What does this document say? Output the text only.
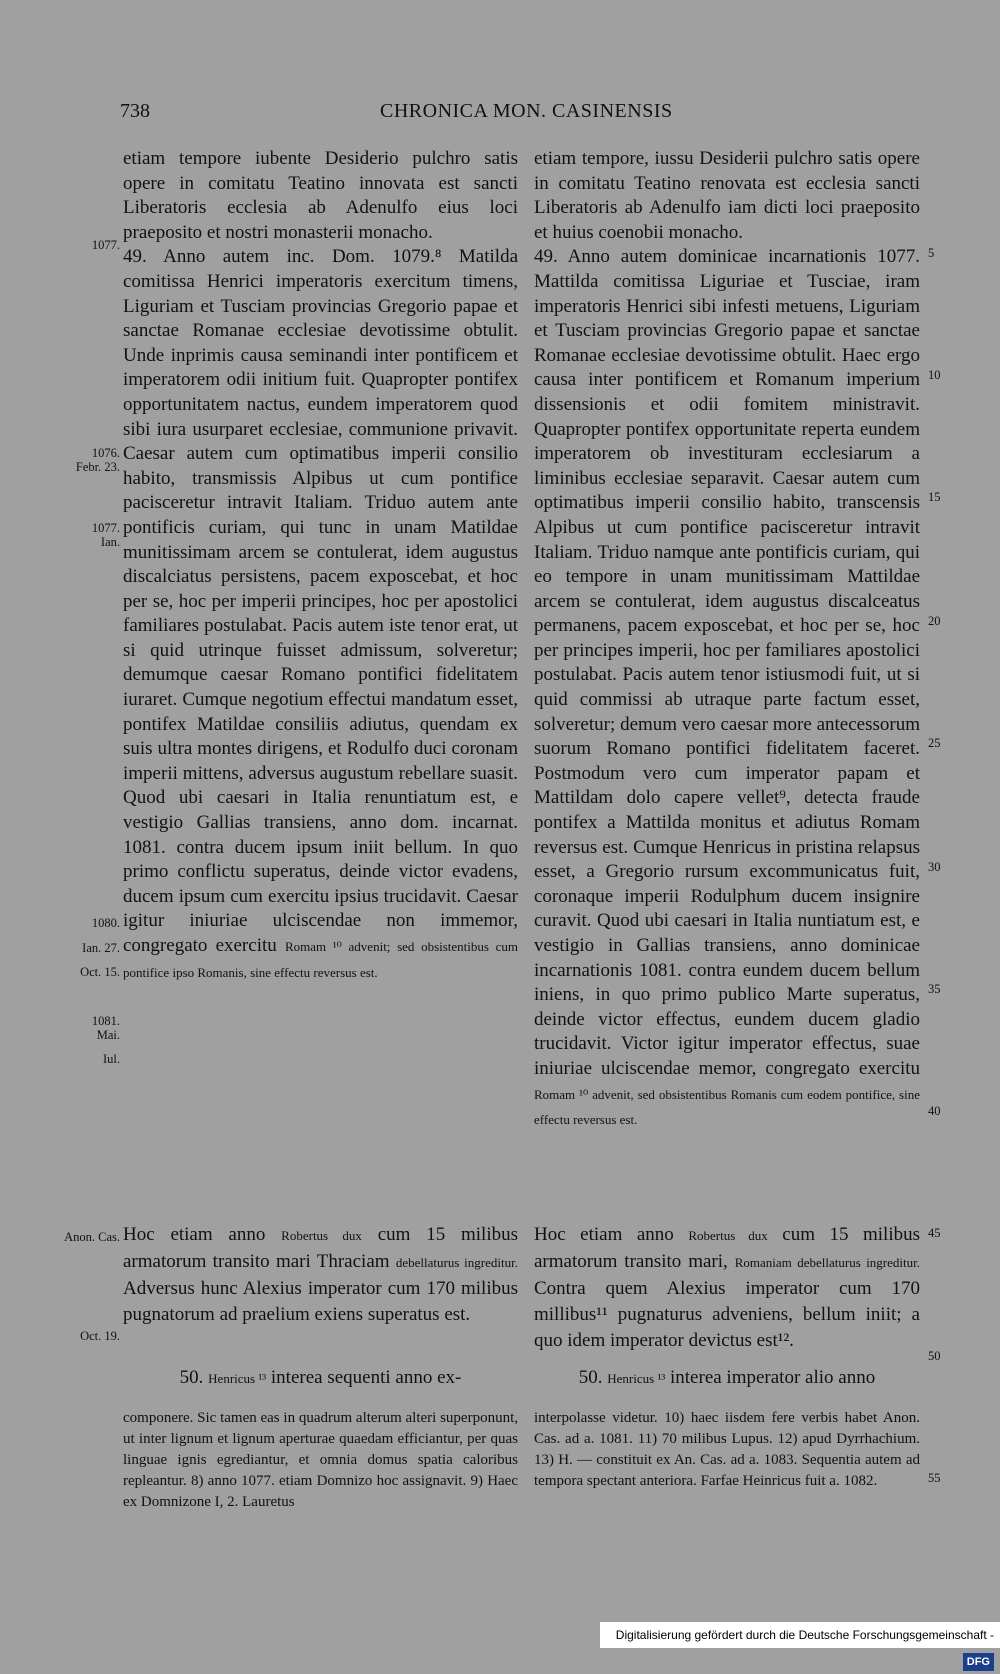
738	CHRONICA MON. CASINENSIS

etiam tempore iubente Desiderio pulchro satis opere in comitatu Teatino innovata est sancti Liberatoris ecclesia ab Adenulfo eius loci praeposito et nostri monasterii monacho.

49. Anno autem inc. Dom. 1079.⁸ Matilda comitissa Henrici imperatoris exercitum timens, Liguriam et Tusciam provincias Gregorio papae et sanctae Romanae ecclesiae devotissime obtulit. Unde inprimis causa seminandi inter pontificem et imperatorem odii initium fuit. Quapropter pontifex opportunitatem nactus, eundem imperatorem quod sibi iura usurparet ecclesiae, communione privavit. Caesar autem cum optimatibus imperii consilio habito, transmissis Alpibus ut cum pontifice pacisceretur intravit Italiam. Triduo autem ante pontificis curiam, qui tunc in unam Matildae munitissimam arcem se contulerat, idem augustus discalciatus persistens, pacem exposcebat, et hoc per se, hoc per imperii principes, hoc per apostolici familiares postulabat. Pacis autem iste tenor erat, ut si quid utrinque fuisset admissum, solveretur; demumque caesar Romano pontifici fidelitatem iuraret. Cumque negotium effectui mandatum esset, pontifex Matildae consiliis adiutus, quendam ex suis ultra montes dirigens, et Rodulfo duci coronam imperii mittens, adversus augustum rebellare suasit. Quod ubi caesari in Italia renuntiatum est, e vestigio Gallias transiens, anno dom. incarnat. 1081. contra ducem ipsum iniit bellum. In quo primo conflictu superatus, deinde victor evadens, ducem ipsum cum exercitu ipsius trucidavit. Caesar igitur iniuriae ulciscendae non immemor, congregato exercitu Romam ¹⁰ advenit; sed obsistentibus cum pontifice ipso Romanis, sine effectu reversus est.

etiam tempore, iussu Desiderii pulchro satis opere in comitatu Teatino renovata est ecclesia sancti Liberatoris ab Adenulfo iam dicti loci praeposito et huius coenobii monacho.

49. Anno autem dominicae incarnationis 1077. Mattilda comitissa Liguriae et Tusciae, iram imperatoris Henrici sibi infesti metuens, Liguriam et Tusciam provincias Gregorio papae et sanctae Romanae ecclesiae devotissime obtulit. Haec ergo causa inter pontificem et Romanum imperium dissensionis et odii fomitem ministravit. Quapropter pontifex opportunitate reperta eundem imperatorem ob investituram ecclesiarum a liminibus ecclesiae separavit. Caesar autem cum optimatibus imperii consilio habito, transcensis Alpibus ut cum pontifice pacisceretur intravit Italiam. Triduo namque ante pontificis curiam, qui eo tempore in unam munitissimam Mattildae arcem se contulerat, idem augustus discalceatus permanens, pacem exposcebat, et hoc per se, hoc per principes imperii, hoc per familiares apostolici postulabat. Pacis autem tenor istiusmodi fuit, ut si quid commissi ab utraque parte factum esset, solveretur; demum vero caesar more antecessorum suorum Romano pontifici fidelitatem faceret. Postmodum vero cum imperator papam et Mattildam dolo capere vellet⁹, detecta fraude pontifex a Mattilda monitus et adiutus Romam reversus est. Cumque Henricus in pristina relapsus esset, a Gregorio rursum excommunicatus fuit, coronaque imperii Rodulphum ducem insignire curavit. Quod ubi caesari in Italia nuntiatum est, e vestigio in Gallias transiens, anno dominicae incarnationis 1081. contra eundem ducem bellum iniens, in quo primo publico Marte superatus, deinde victor effectus, eundem ducem gladio trucidavit. Victor igitur imperator effectus, suae iniuriae ulciscendae memor, congregato exercitu Romam ¹⁰ advenit, sed obsistentibus Romanis cum eodem pontifice, sine effectu reversus est.

Hoc etiam anno Robertus dux cum 15 milibus armatorum transito mari Thraciam debellaturus ingreditur. Adversus hunc Alexius imperator cum 170 milibus pugnatorum ad praelium exiens superatus est.
Hoc etiam anno Robertus dux cum 15 milibus armatorum transito mari, Romaniam debellaturus ingreditur. Contra quem Alexius imperator cum 170 millibus¹¹ pugnaturus adveniens, bellum iniit; a quo idem imperator devictus est¹².
50. Henricus ¹³ interea sequenti anno ex-	50. Henricus ¹³ interea imperator alio anno
componere. Sic tamen eas in quadrum alterum alteri superponunt, ut inter lignum et lignum aperturae quaedam efficiantur, per quas linguae ignis egrediantur, et omnia domus spatia caloribus repleantur. 8) anno 1077. etiam Domnizo hoc assignavit. 9) Haec ex Domnizone I, 2. Lauretus
interpolasse videtur. 10) haec iisdem fere verbis habet Anon. Cas. ad a. 1081. 11) 70 milibus Lupus. 12) apud Dyrrhachium. 13) H. — constituit ex An. Cas. ad a. 1083. Sequentia autem ad tempora spectant anteriora. Farfae Heinricus fuit a. 1082.
1077.
1076.
Febr. 23.
1077.
Ian.
1080.
Ian. 27.
Oct. 15.
1081.
Mai.
Iul.
Anon. Cas.
Oct. 19.
5
10
15
20
25
30
35
40
45
50
55
Digitalisierung gefördert durch die Deutsche Forschungsgemeinschaft - DFG
